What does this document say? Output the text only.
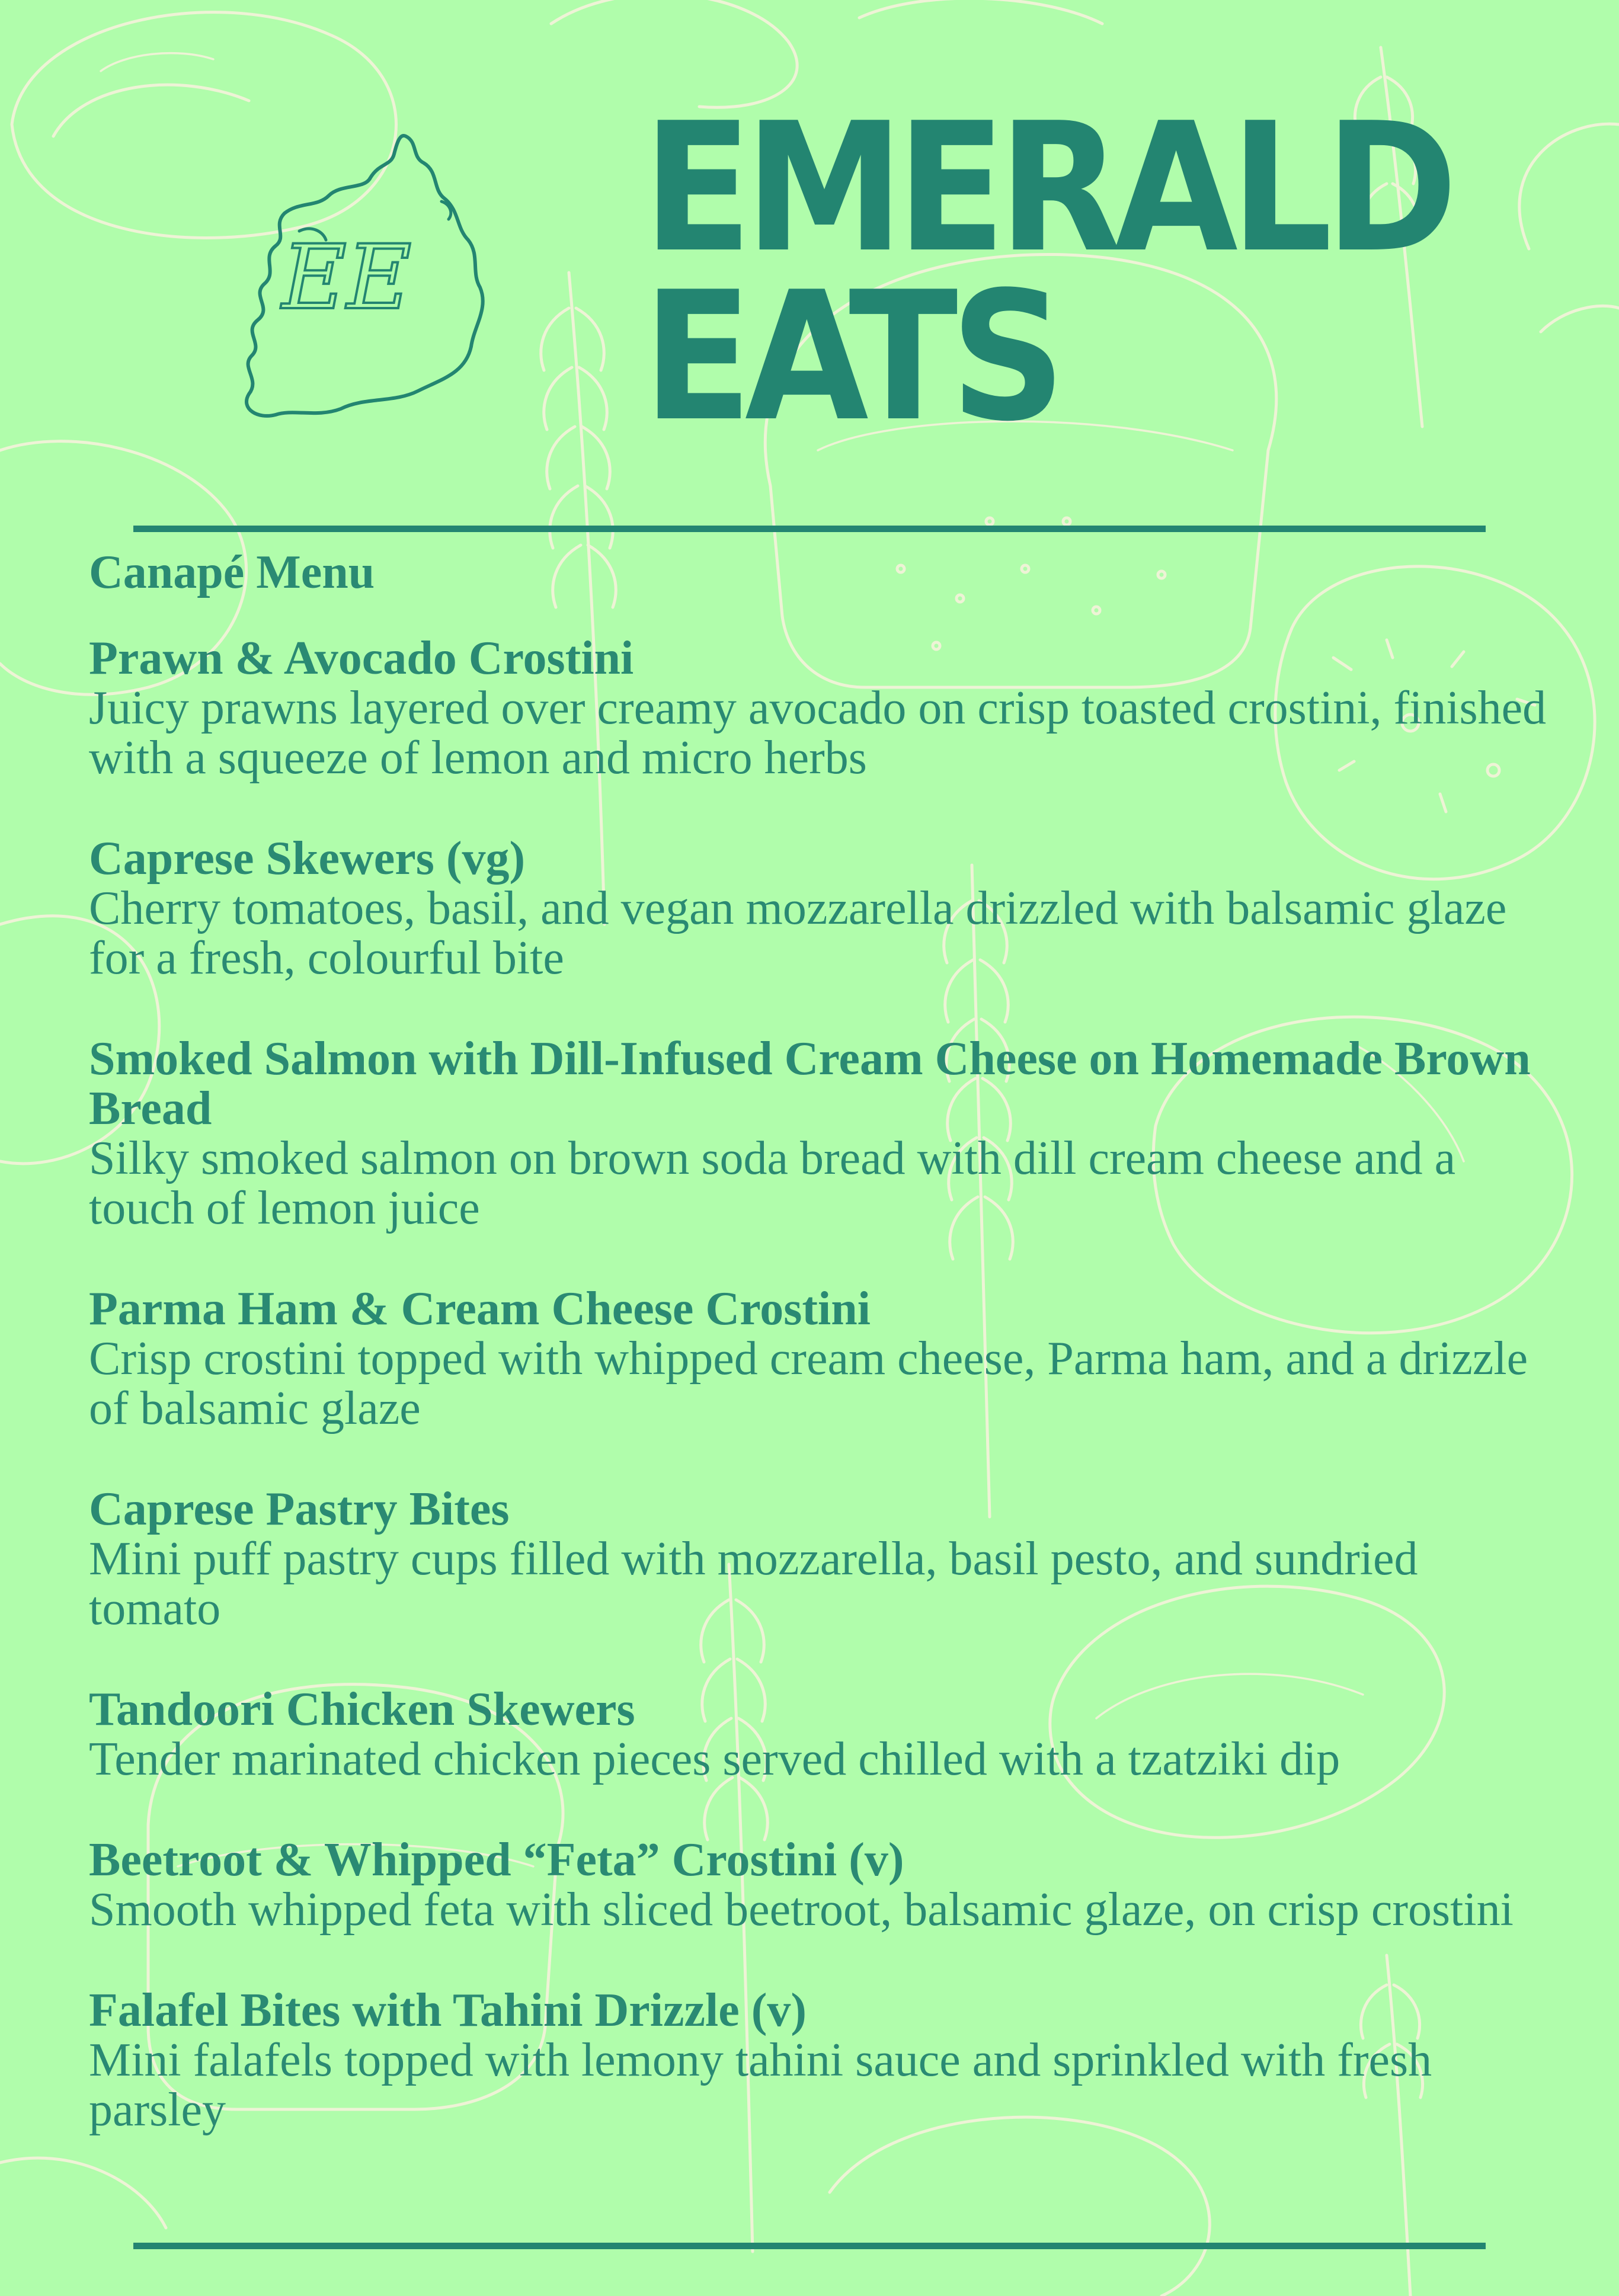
EE EMERALD
EATS
Canapé Menu
Prawn & Avocado Crostini
Juicy prawns layered over creamy avocado on crisp toasted crostini, finished with a squeeze of lemon and micro herbs
Caprese Skewers (vg)
Cherry tomatoes, basil, and vegan mozzarella drizzled with balsamic glaze for a fresh, colourful bite
Smoked Salmon with Dill-Infused Cream Cheese on Homemade Brown Bread
Silky smoked salmon on brown soda bread with dill cream cheese and a touch of lemon juice
Parma Ham & Cream Cheese Crostini
Crisp crostini topped with whipped cream cheese, Parma ham, and a drizzle of balsamic glaze
Caprese Pastry Bites
Mini puff pastry cups filled with mozzarella, basil pesto, and sundried tomato
Tandoori Chicken Skewers
Tender marinated chicken pieces served chilled with a tzatziki dip
Beetroot & Whipped “Feta” Crostini (v)
Smooth whipped feta with sliced beetroot, balsamic glaze, on crisp crostini
Falafel Bites with Tahini Drizzle (v)
Mini falafels topped with lemony tahini sauce and sprinkled with fresh parsley
